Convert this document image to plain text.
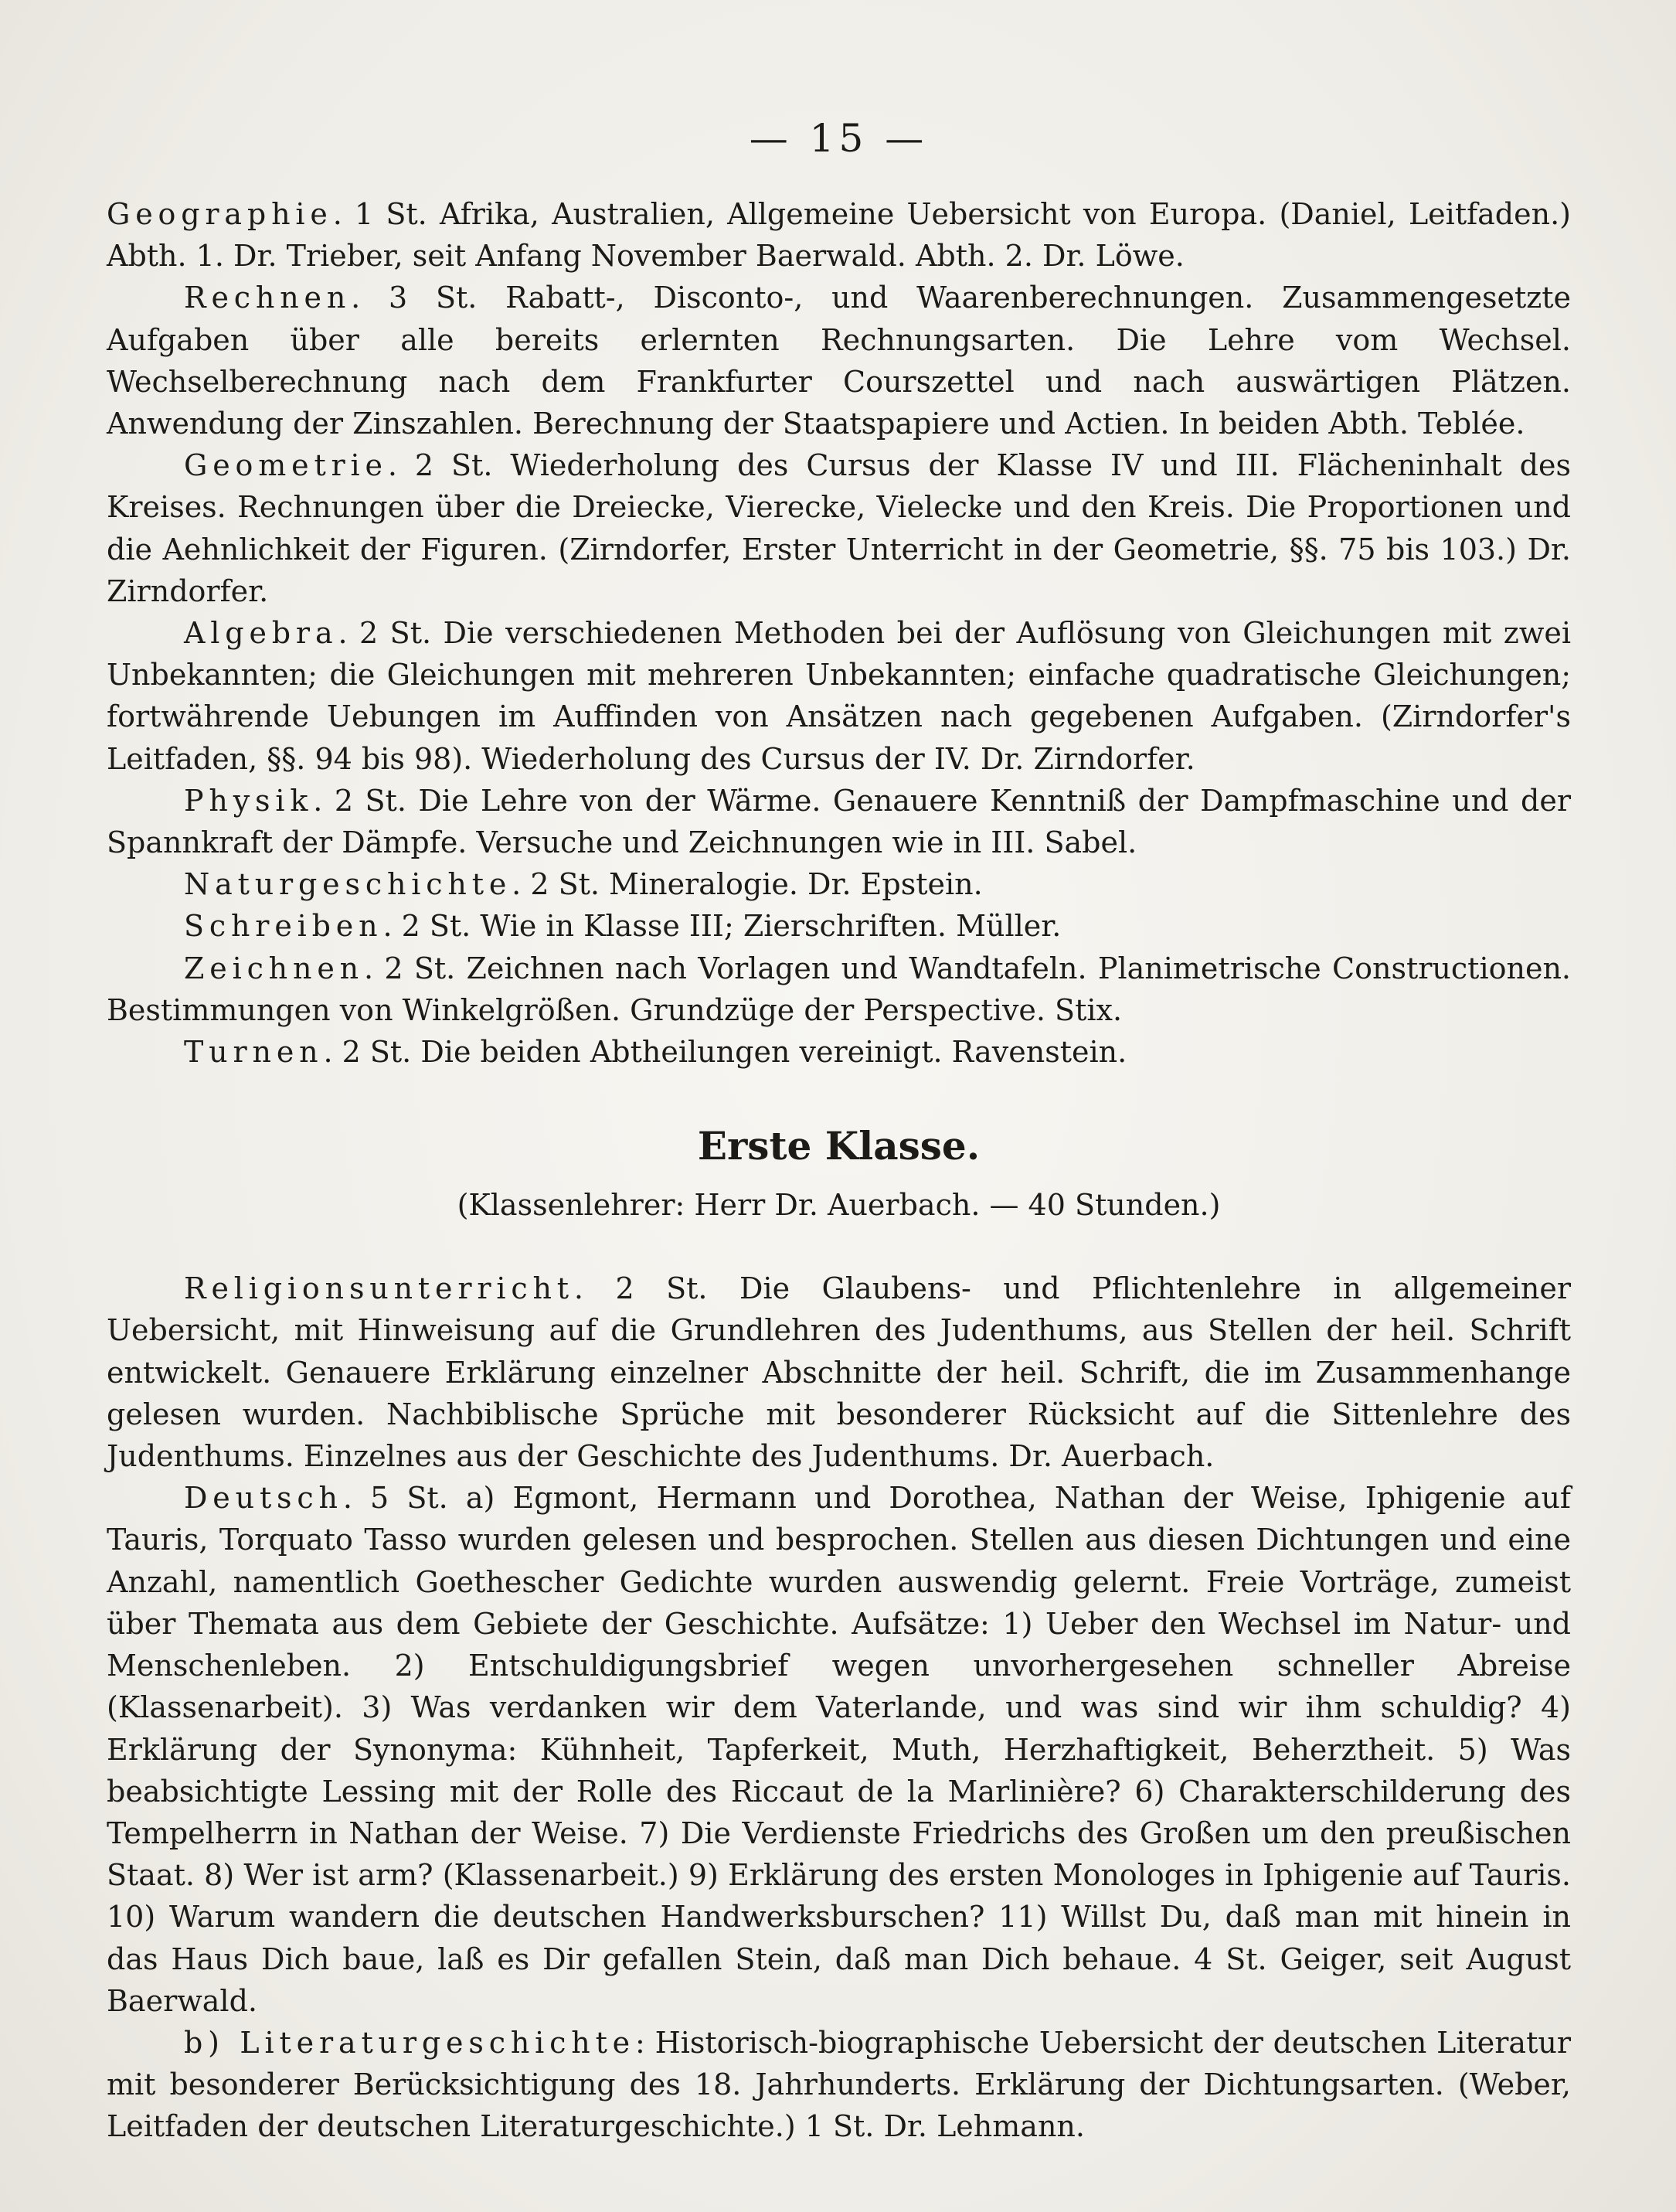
— 15 —

Geographie. 1 St. Afrika, Australien, Allgemeine Uebersicht von Europa. (Daniel, Leitfaden.) Abth. 1. Dr. Trieber, seit Anfang November Baerwald. Abth. 2. Dr. Löwe.

Rechnen. 3 St. Rabatt-, Disconto-, und Waarenberechnungen. Zusammengesetzte Aufgaben über alle bereits erlernten Rechnungsarten. Die Lehre vom Wechsel. Wechselberechnung nach dem Frankfurter Courszettel und nach auswärtigen Plätzen. Anwendung der Zinszahlen. Berechnung der Staatspapiere und Actien. In beiden Abth. Teblée.

Geometrie. 2 St. Wiederholung des Cursus der Klasse IV und III. Flächeninhalt des Kreises. Rechnungen über die Dreiecke, Vierecke, Vielecke und den Kreis. Die Proportionen und die Aehnlichkeit der Figuren. (Zirndorfer, Erster Unterricht in der Geometrie, §§. 75 bis 103.) Dr. Zirndorfer.

Algebra. 2 St. Die verschiedenen Methoden bei der Auflösung von Gleichungen mit zwei Unbekannten; die Gleichungen mit mehreren Unbekannten; einfache quadratische Gleichungen; fortwährende Uebungen im Auffinden von Ansätzen nach gegebenen Aufgaben. (Zirndorfer's Leitfaden, §§. 94 bis 98). Wiederholung des Cursus der IV. Dr. Zirndorfer.

Physik. 2 St. Die Lehre von der Wärme. Genauere Kenntniß der Dampfmaschine und der Spannkraft der Dämpfe. Versuche und Zeichnungen wie in III. Sabel.

Naturgeschichte. 2 St. Mineralogie. Dr. Epstein.

Schreiben. 2 St. Wie in Klasse III; Zierschriften. Müller.

Zeichnen. 2 St. Zeichnen nach Vorlagen und Wandtafeln. Planimetrische Constructionen. Bestimmungen von Winkelgrößen. Grundzüge der Perspective. Stix.

Turnen. 2 St. Die beiden Abtheilungen vereinigt. Ravenstein.

Erste Klasse.
(Klassenlehrer: Herr Dr. Auerbach. — 40 Stunden.)

Religionsunterricht. 2 St. Die Glaubens- und Pflichtenlehre in allgemeiner Uebersicht, mit Hinweisung auf die Grundlehren des Judenthums, aus Stellen der heil. Schrift entwickelt. Genauere Erklärung einzelner Abschnitte der heil. Schrift, die im Zusammenhange gelesen wurden. Nachbiblische Sprüche mit besonderer Rücksicht auf die Sittenlehre des Judenthums. Einzelnes aus der Geschichte des Judenthums. Dr. Auerbach.

Deutsch. 5 St. a) Egmont, Hermann und Dorothea, Nathan der Weise, Iphigenie auf Tauris, Torquato Tasso wurden gelesen und besprochen. Stellen aus diesen Dichtungen und eine Anzahl, namentlich Goethescher Gedichte wurden auswendig gelernt. Freie Vorträge, zumeist über Themata aus dem Gebiete der Geschichte. Aufsätze: 1) Ueber den Wechsel im Natur- und Menschenleben. 2) Entschuldigungsbrief wegen unvorhergesehen schneller Abreise (Klassenarbeit). 3) Was verdanken wir dem Vaterlande, und was sind wir ihm schuldig? 4) Erklärung der Synonyma: Kühnheit, Tapferkeit, Muth, Herzhaftigkeit, Beherztheit. 5) Was beabsichtigte Lessing mit der Rolle des Riccaut de la Marlinière? 6) Charakterschilderung des Tempelherrn in Nathan der Weise. 7) Die Verdienste Friedrichs des Großen um den preußischen Staat. 8) Wer ist arm? (Klassenarbeit.) 9) Erklärung des ersten Monologes in Iphigenie auf Tauris. 10) Warum wandern die deutschen Handwerksburschen? 11) Willst Du, daß man mit hinein in das Haus Dich baue, laß es Dir gefallen Stein, daß man Dich behaue. 4 St. Geiger, seit August Baerwald.

b) Literaturgeschichte: Historisch-biographische Uebersicht der deutschen Literatur mit besonderer Berücksichtigung des 18. Jahrhunderts. Erklärung der Dichtungsarten. (Weber, Leitfaden der deutschen Literaturgeschichte.) 1 St. Dr. Lehmann.
